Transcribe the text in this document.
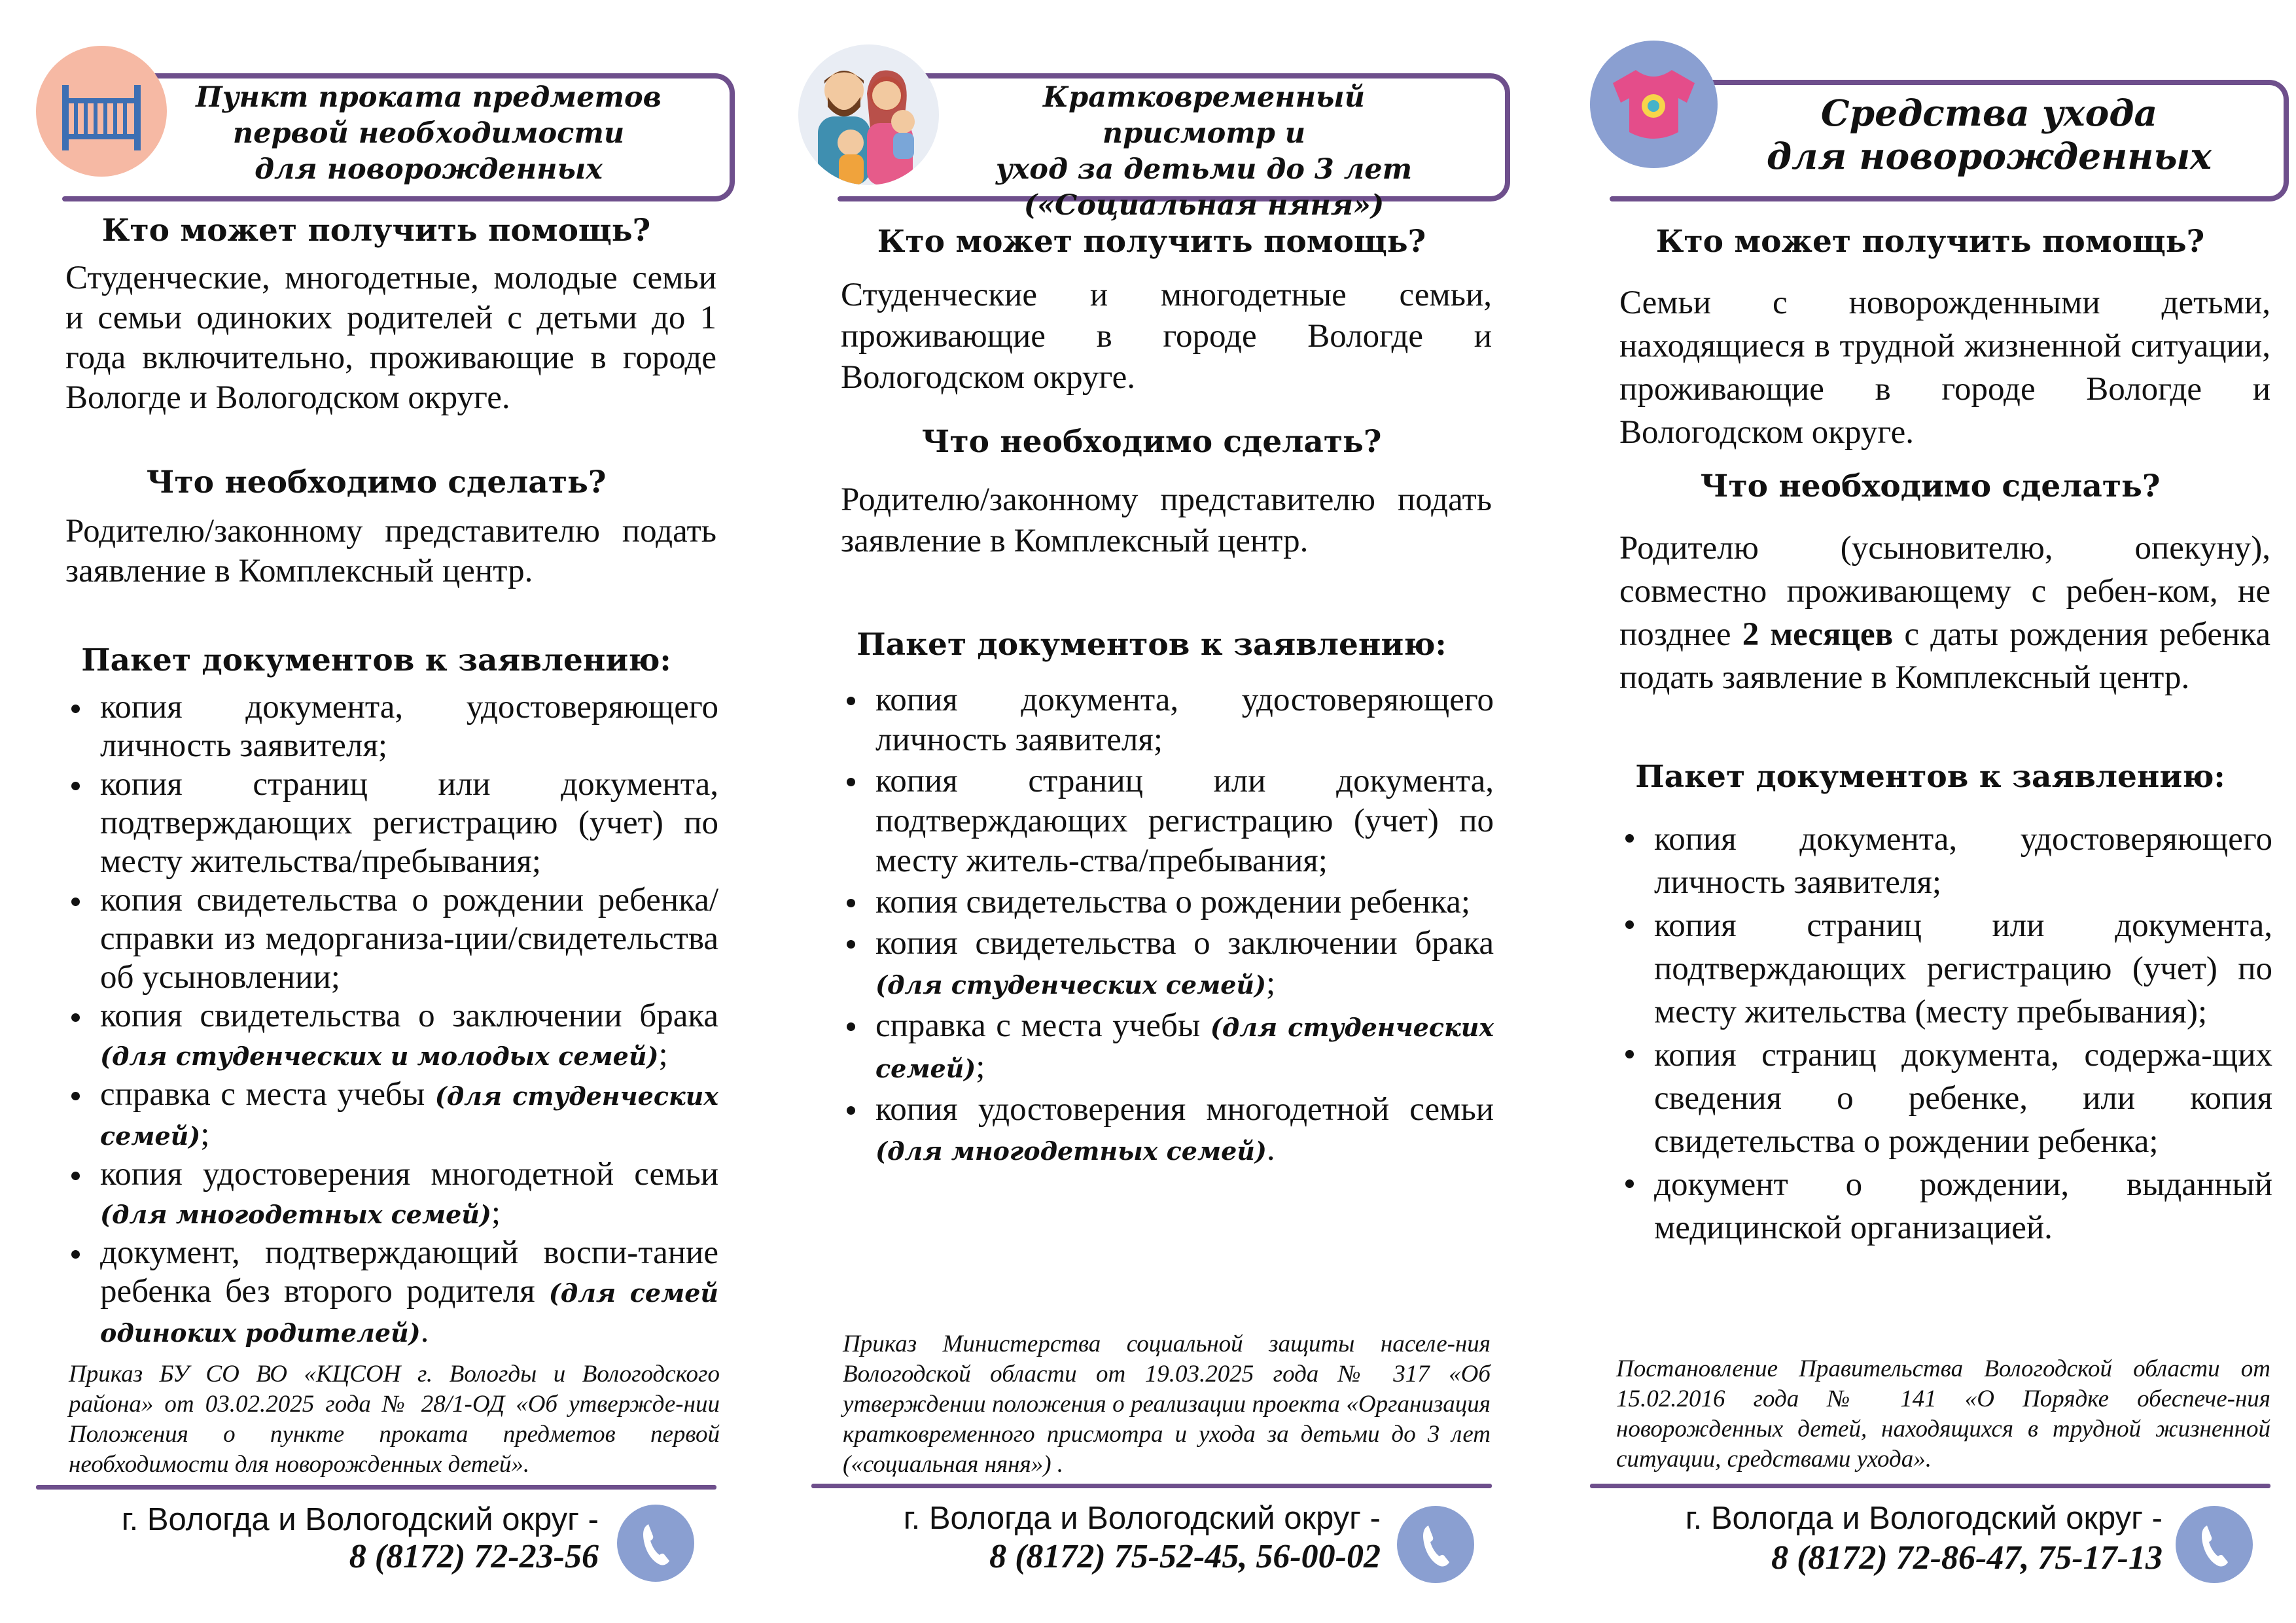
Пункт проката предметов
первой необходимости
для новорожденных
Кто может получить помощь?
Студенческие, многодетные, молодые семьи и семьи одиноких родителей с детьми до 1 года включительно, проживающие в городе Вологде и Вологодском округе.
Что необходимо сделать?
Родителю/законному представителю подать заявление в Комплексный центр.
Пакет документов к заявлению:
копия документа, удостоверяющего личность заявителя;
копия страниц или документа, подтверждающих регистрацию (учет) по месту жительства/пребывания;
копия свидетельства о рождении ребенка/справки из медорганиза-ции/свидетельства об усыновлении;
копия свидетельства о заключении брака (для студенческих и молодых семей);
справка с места учебы (для студенческих семей);
копия удостоверения многодетной семьи (для многодетных семей);
документ, подтверждающий воспи-тание ребенка без второго родителя (для семей одиноких родителей).
Приказ БУ СО ВО «КЦСОН г. Вологды и Вологодского района» от 03.02.2025 года № 28/1-ОД «Об утвержде-нии Положения о пункте проката предметов первой необходимости для новорожденных детей».
г. Вологда и Вологодский округ -
8 (8172) 72-23-56
Кратковременный присмотр и
уход за детьми до 3 лет
(«Социальная няня»)
Кто может получить помощь?
Студенческие и многодетные семьи, проживающие в городе Вологде и Вологодском округе.
Что необходимо сделать?
Родителю/законному представителю подать заявление в Комплексный центр.
Пакет документов к заявлению:
копия документа, удостоверяющего личность заявителя;
копия страниц или документа, подтверждающих регистрацию (учет) по месту житель-ства/пребывания;
копия свидетельства о рождении ребенка;
копия свидетельства о заключении брака (для студенческих семей);
справка с места учебы (для студенческих семей);
копия удостоверения многодетной семьи (для многодетных семей).
Приказ Министерства социальной защиты населе-ния Вологодской области от 19.03.2025 года № 317 «Об утверждении положения о реализации проекта «Организация кратковременного присмотра и ухода за детьми до 3 лет («социальная няня») .
г. Вологда и Вологодский округ -
8 (8172) 75-52-45, 56-00-02
Средства ухода
для новорожденных
Кто может получить помощь?
Семьи с новорожденными детьми, находящиеся в трудной жизненной ситуации, проживающие в городе Вологде и Вологодском округе.
Что необходимо сделать?
Родителю (усыновителю, опекуну), совместно проживающему с ребен-ком, не позднее 2 месяцев с даты рождения ребенка подать заявление в Комплексный центр.
Пакет документов к заявлению:
копия документа, удостоверяющего личность заявителя;
копия страниц или документа, подтверждающих регистрацию (учет) по месту жительства (месту пребывания);
копия страниц документа, содержа-щих сведения о ребенке, или копия свидетельства о рождении ребенка;
документ о рождении, выданный медицинской организацией.
Постановление Правительства Вологодской области от 15.02.2016 года № 141 «О Порядке обеспече-ния новорожденных детей, находящихся в трудной жизненной ситуации, средствами ухода».
г. Вологда и Вологодский округ -
8 (8172) 72-86-47, 75-17-13
